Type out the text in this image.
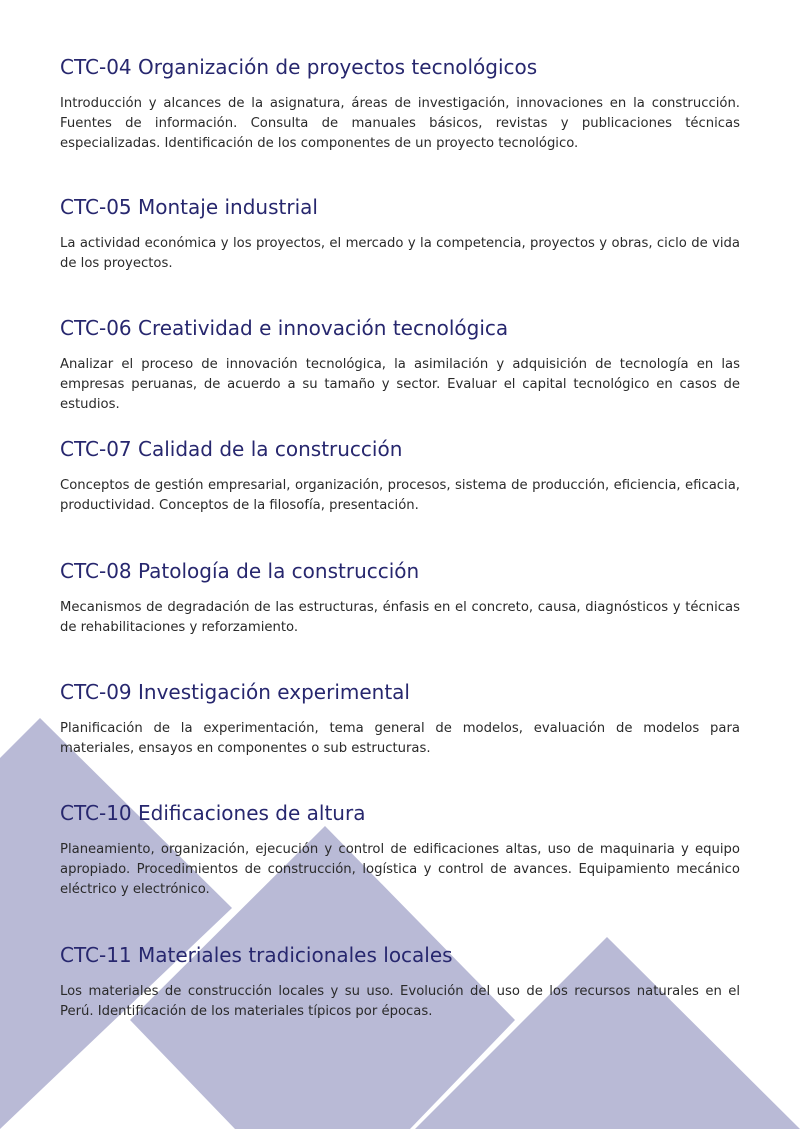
CTC-04 Organización de proyectos tecnológicos

Introducción y alcances de la asignatura, áreas de investigación, innovaciones en la construcción. Fuentes de información. Consulta de manuales básicos, revistas y publicaciones técnicas especializadas. Identificación de los componentes de un proyecto tecnológico.

CTC-05 Montaje industrial

La actividad económica y los proyectos, el mercado y la competencia, proyectos y obras, ciclo de vida de los proyectos.

CTC-06 Creatividad e innovación tecnológica

Analizar el proceso de innovación tecnológica, la asimilación y adquisición de tecnología en las empresas peruanas, de acuerdo a su tamaño y sector. Evaluar el capital tecnológico en casos de estudios.

CTC-07 Calidad de la construcción

Conceptos de gestión empresarial, organización, procesos, sistema de producción, eficiencia, eficacia, productividad. Conceptos de la filosofía, presentación.

CTC-08 Patología de la construcción

Mecanismos de degradación de las estructuras, énfasis en el concreto, causa, diagnósticos y técnicas de rehabilitaciones y reforzamiento.

CTC-09 Investigación experimental

Planificación de la experimentación, tema general de modelos, evaluación de modelos para materiales, ensayos en componentes o sub estructuras.

CTC-10 Edificaciones de altura

Planeamiento, organización, ejecución y control de edificaciones altas, uso de maquinaria y equipo apropiado. Procedimientos de construcción, logística y control de avances. Equipamiento mecánico eléctrico y electrónico.

CTC-11 Materiales tradicionales locales

Los materiales de construcción locales y su uso. Evolución del uso de los recursos naturales en el Perú. Identificación de los materiales típicos por épocas.
